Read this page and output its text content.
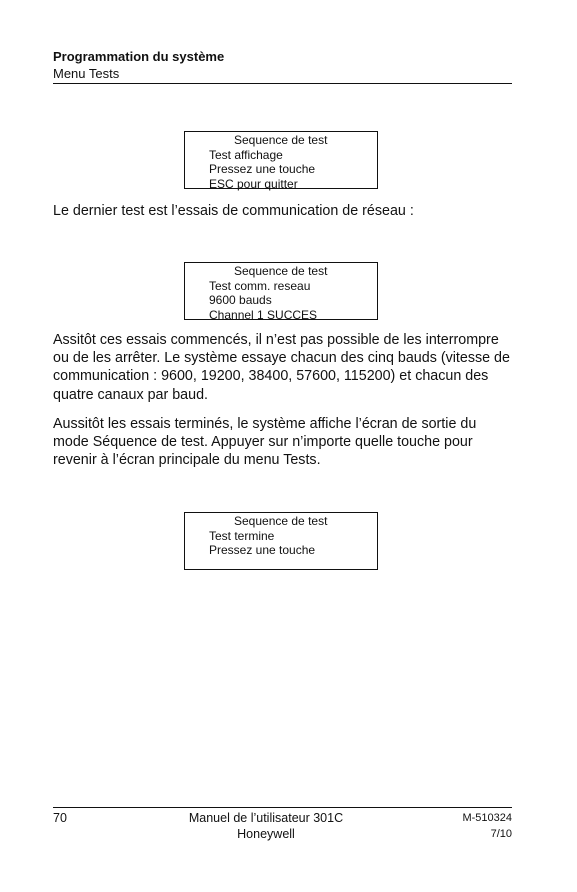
Programmation du système
Menu Tests
Sequence de test
Test affichage
Pressez une touche
ESC pour quitter
Le dernier test est l’essais de communication de réseau :
Sequence de test
Test comm. reseau
9600 bauds
Channel 1 SUCCES
Assitôt ces essais commencés, il n’est pas possible de les interrompre ou de les arrêter. Le système essaye chacun des cinq bauds (vitesse de communication : 9600, 19200, 38400, 57600, 115200) et chacun des quatre canaux par baud.
Aussitôt les essais terminés, le système affiche l’écran de sortie du mode Séquence de test. Appuyer sur n’importe quelle touche pour revenir à l’écran principale du menu Tests.
Sequence de test
Test termine
Pressez une touche
70	Manuel de l’utilisateur 301C
Honeywell
M-510324
7/10
